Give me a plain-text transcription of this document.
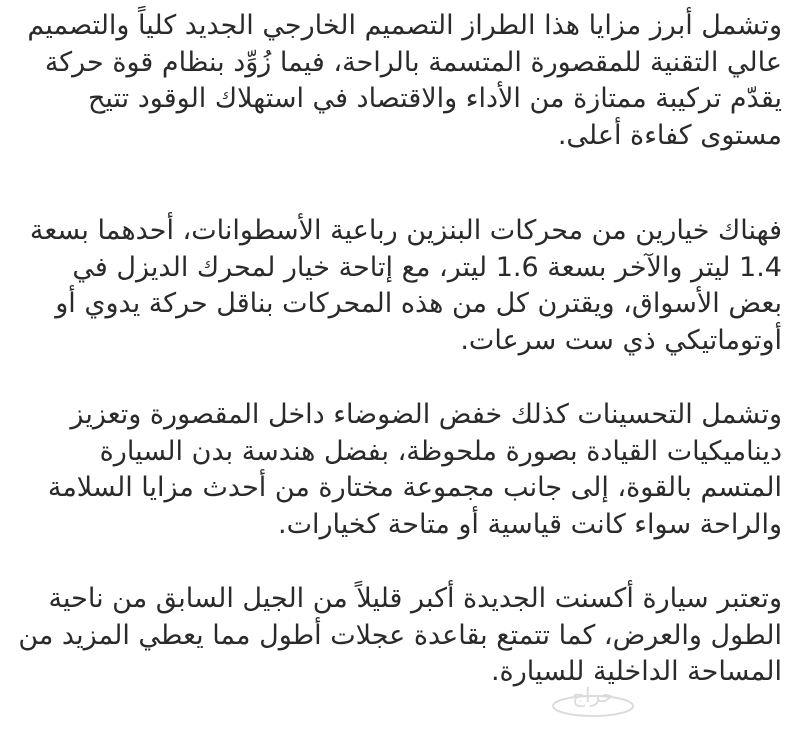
وتشمل أبرز مزايا هذا الطراز التصميم الخارجي الجديد كلياً والتصميم عالي التقنية للمقصورة المتسمة بالراحة، فيما زُوِّد بنظام قوة حركة يقدّم تركيبة ممتازة من الأداء والاقتصاد في استهلاك الوقود تتيح مستوى كفاءة أعلى.

فهناك خيارين من محركات البنزين رباعية الأسطوانات، أحدهما بسعة 1.4 ليتر والآخر بسعة 1.6 ليتر، مع إتاحة خيار لمحرك الديزل في بعض الأسواق، ويقترن كل من هذه المحركات بناقل حركة يدوي أو أوتوماتيكي ذي ست سرعات.

وتشمل التحسينات كذلك خفض الضوضاء داخل المقصورة وتعزيز ديناميكيات القيادة بصورة ملحوظة، بفضل هندسة بدن السيارة المتسم بالقوة، إلى جانب مجموعة مختارة من أحدث مزايا السلامة والراحة سواء كانت قياسية أو متاحة كخيارات.

وتعتبر سيارة أكسنت الجديدة أكبر قليلاً من الجيل السابق من ناحية الطول والعرض، كما تتمتع بقاعدة عجلات أطول مما يعطي المزيد من المساحة الداخلية للسيارة.

حراج
